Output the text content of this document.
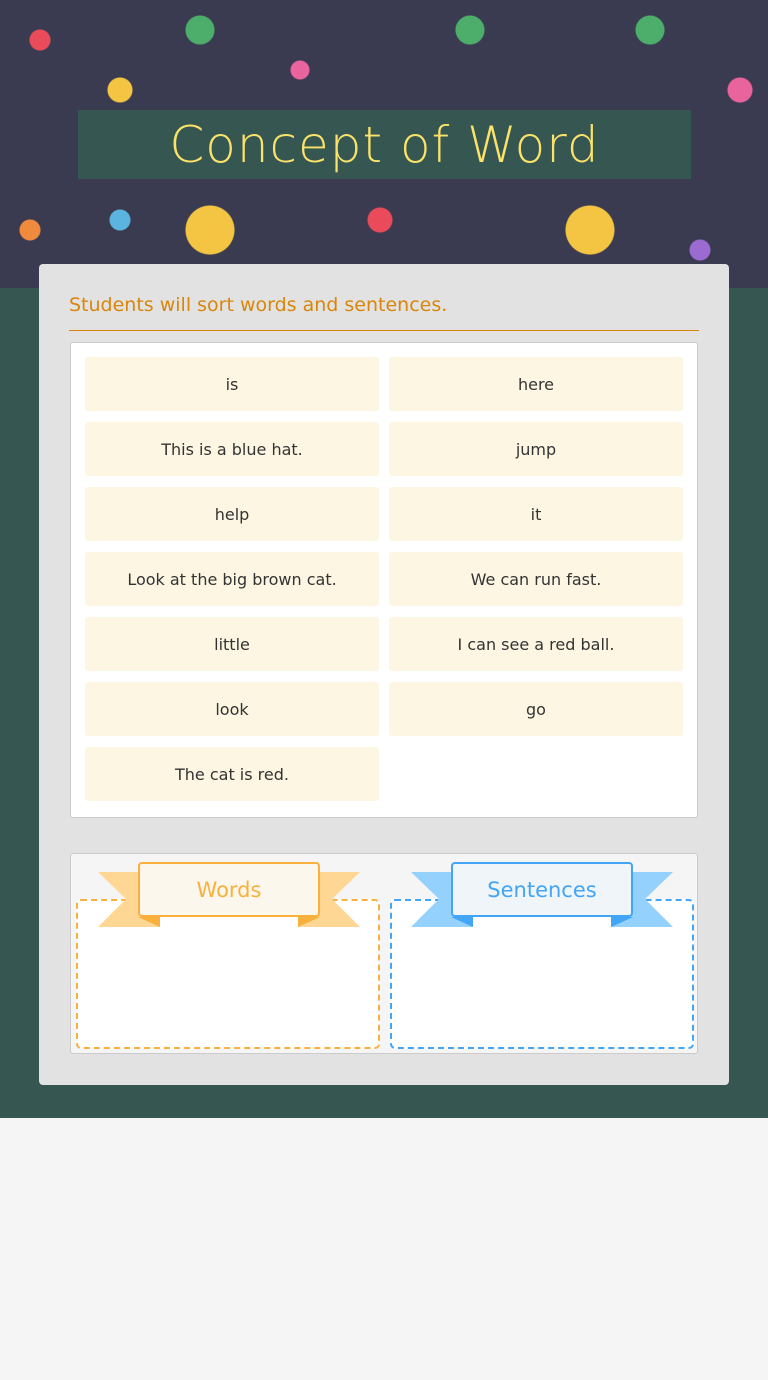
Concept of Word
Students will sort words and sentences.
is	here
This is a blue hat.	jump
help	it
Look at the big brown cat.	We can run fast.
little	I can see a red ball.
look	go
The cat is red.
Words	Sentences
